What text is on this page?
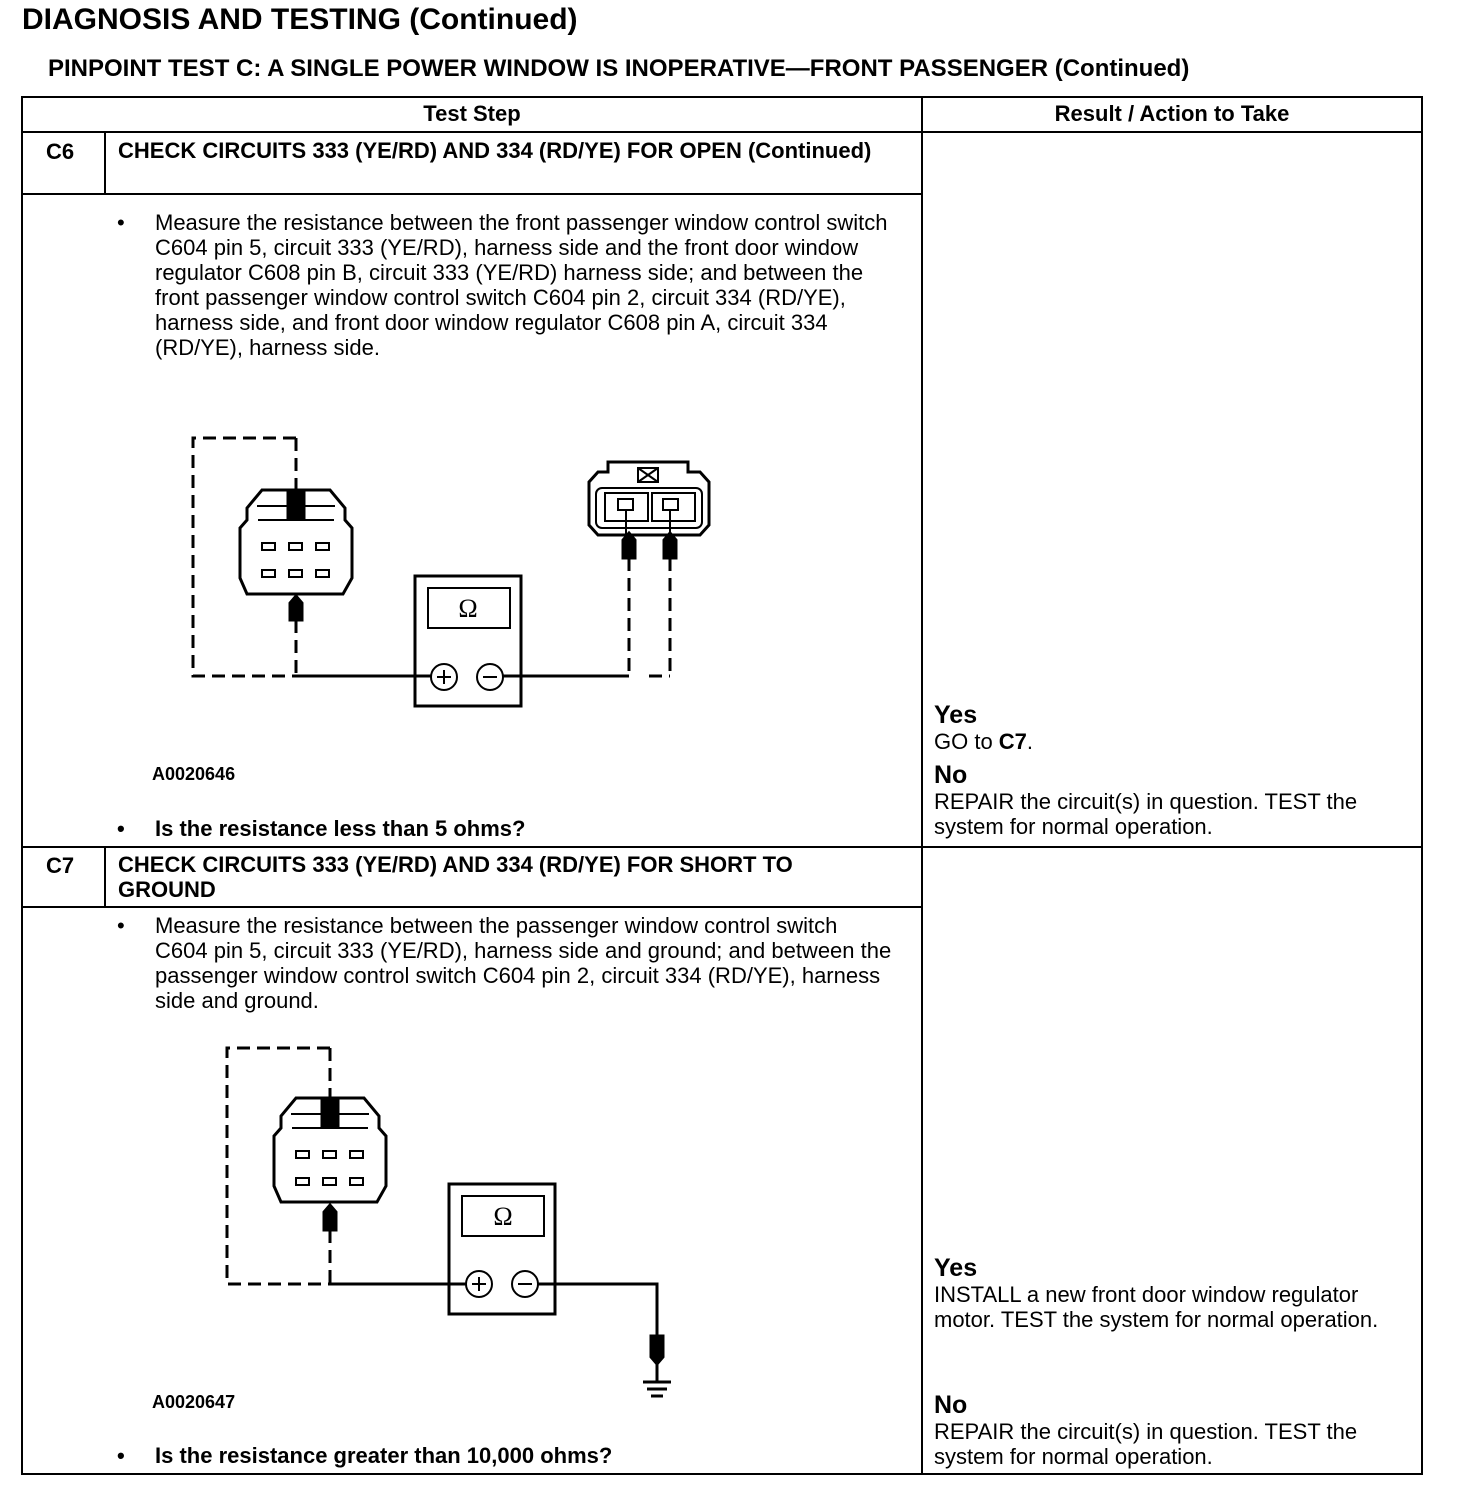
DIAGNOSIS AND TESTING (Continued)
PINPOINT TEST C: A SINGLE POWER WINDOW IS INOPERATIVE—FRONT PASSENGER (Continued)
Test Step	Result / Action to Take
C6 CHECK CIRCUITS 333 (YE/RD) AND 334 (RD/YE) FOR OPEN (Continued)
• Measure the resistance between the front passenger window control switch C604 pin 5, circuit 333 (YE/RD), harness side and the front door window regulator C608 pin B, circuit 333 (YE/RD) harness side; and between the front passenger window control switch C604 pin 2, circuit 334 (RD/YE), harness side, and front door window regulator C608 pin A, circuit 334 (RD/YE), harness side.
Ω
A0020646
• Is the resistance less than 5 ohms?
Yes
GO to C7.
No
REPAIR the circuit(s) in question. TEST the system for normal operation.
C7 CHECK CIRCUITS 333 (YE/RD) AND 334 (RD/YE) FOR SHORT TO GROUND
• Measure the resistance between the passenger window control switch C604 pin 5, circuit 333 (YE/RD), harness side and ground; and between the passenger window control switch C604 pin 2, circuit 334 (RD/YE), harness side and ground.
Ω
A0020647
• Is the resistance greater than 10,000 ohms?
Yes
INSTALL a new front door window regulator motor. TEST the system for normal operation.
No
REPAIR the circuit(s) in question. TEST the system for normal operation.
